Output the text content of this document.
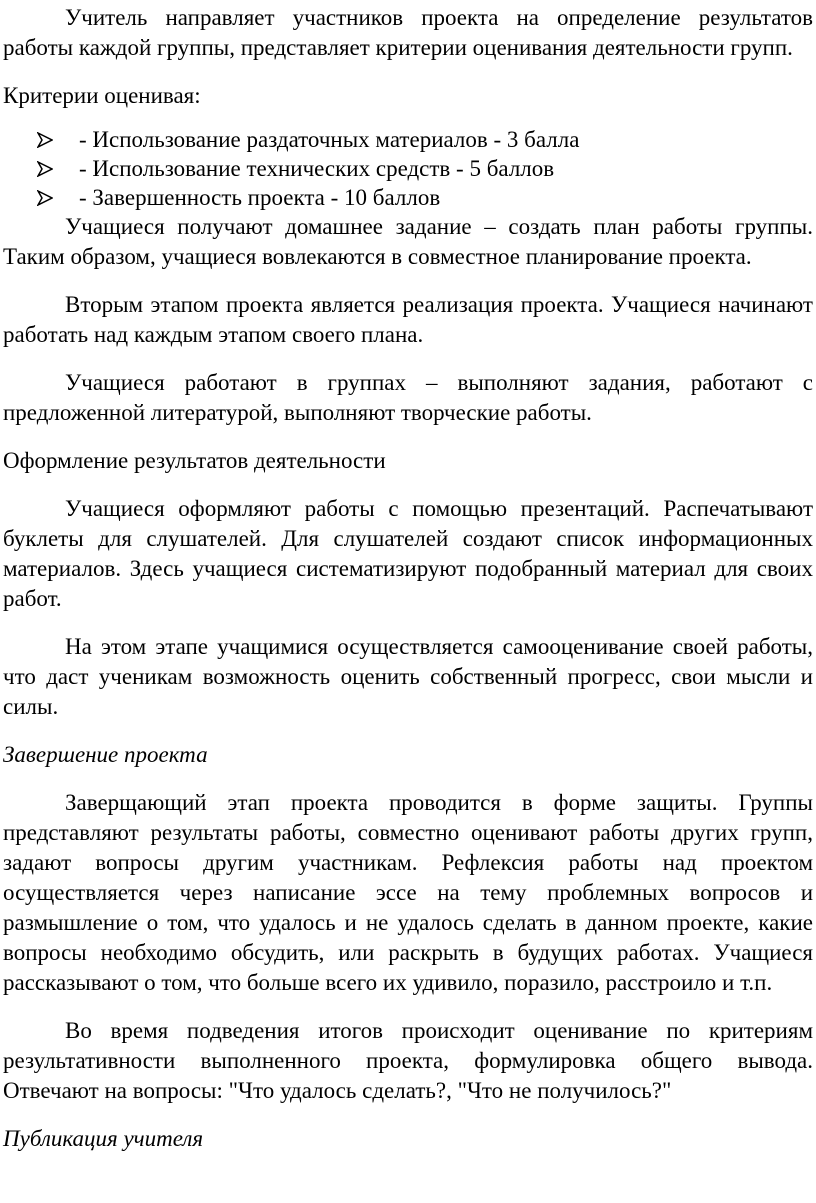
Учитель направляет участников проекта на определение результатов работы каждой группы, представляет критерии оценивания деятельности групп.

Критерии оценивая:

- Использование раздаточных материалов - 3 балла
- Использование технических средств - 5 баллов
- Завершенность проекта - 10 баллов

Учащиеся получают домашнее задание – создать план работы группы. Таким образом, учащиеся вовлекаются в совместное планирование проекта.

Вторым этапом проекта является реализация проекта. Учащиеся начинают работать над каждым этапом своего плана.

Учащиеся работают в группах – выполняют задания, работают с предложенной литературой, выполняют творческие работы.

Оформление результатов деятельности

Учащиеся оформляют работы с помощью презентаций. Распечатывают буклеты для слушателей. Для слушателей создают список информационных материалов. Здесь учащиеся систематизируют подобранный материал для своих работ.

На этом этапе учащимися осуществляется самооценивание своей работы, что даст ученикам возможность оценить собственный прогресс, свои мысли и силы.

Завершение проекта

Заверщающий этап проекта проводится в форме защиты. Группы представляют результаты работы, совместно оценивают работы других групп, задают вопросы другим участникам. Рефлексия работы над проектом осуществляется через написание эссе на тему проблемных вопросов и размышление о том, что удалось и не удалось сделать в данном проекте, какие вопросы необходимо обсудить, или раскрыть в будущих работах. Учащиеся рассказывают о том, что больше всего их удивило, поразило, расстроило и т.п.

Во время подведения итогов происходит оценивание по критериям результативности выполненного проекта, формулировка общего вывода. Отвечают на вопросы: "Что удалось сделать?, "Что не получилось?"

Публикация учителя
